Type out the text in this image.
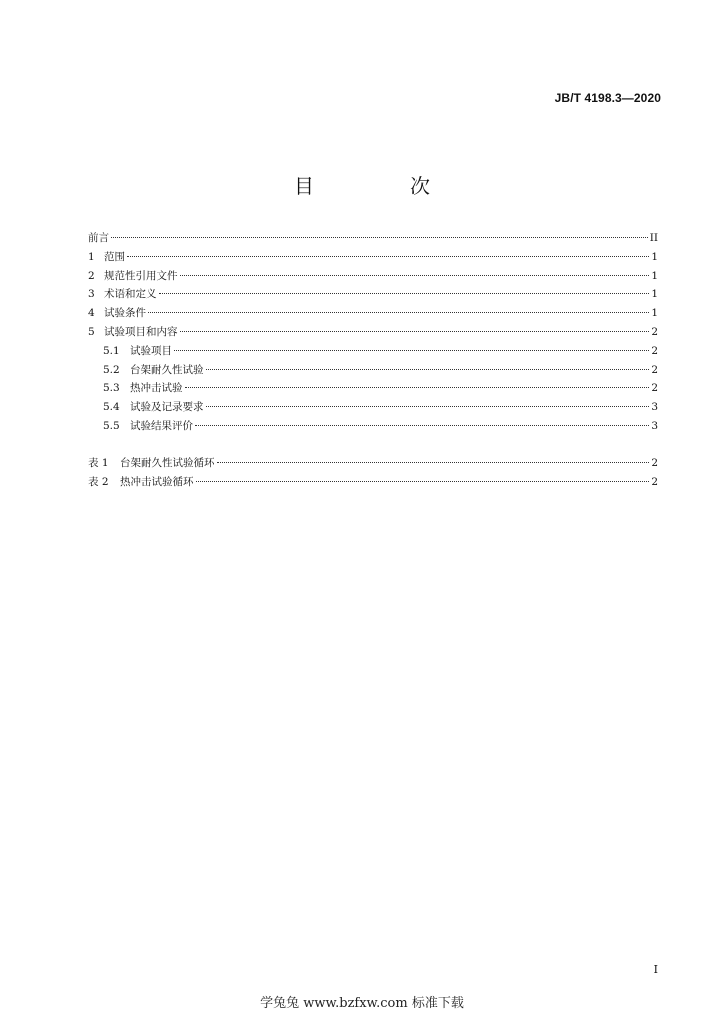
JB/T 4198.3—2020
目　次
前言	II
1 范围	1
2 规范性引用文件	1
3 术语和定义	1
4 试验条件	1
5 试验项目和内容	2
5.1 试验项目	2
5.2 台架耐久性试验	2
5.3 热冲击试验	2
5.4 试验及记录要求	3
5.5 试验结果评价	3
表 1	台架耐久性试验循环	2
表 2	热冲击试验循环	2
I
学兔兔 www.bzfxw.com 标准下载
